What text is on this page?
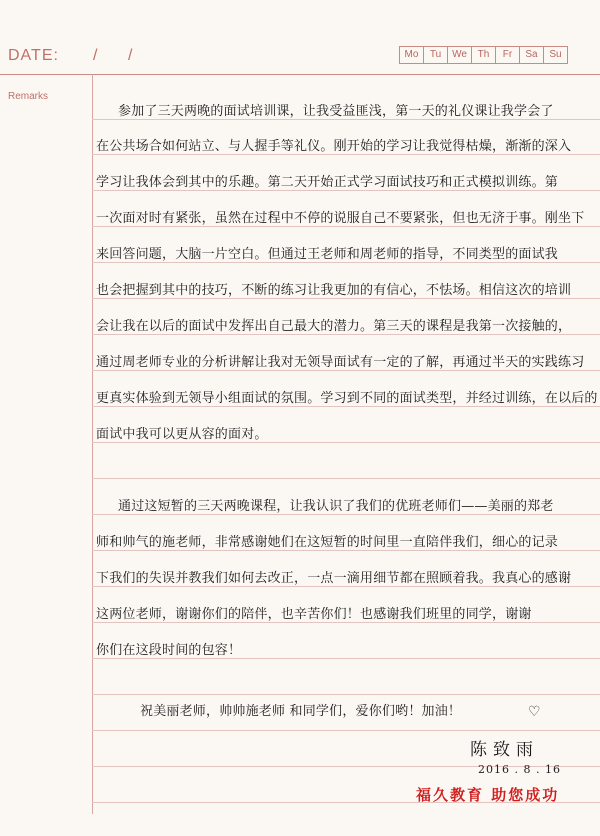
DATE: / /	Mo	Tu	We	Th	Fr	Sa	Su
Remarks
参加了三天两晚的面试培训课，让我受益匪浅，第一天的礼仪课让我学会了
在公共场合如何站立、与人握手等礼仪。刚开始的学习让我觉得枯燥，渐渐的深入
学习让我体会到其中的乐趣。第二天开始正式学习面试技巧和正式模拟训练。第
一次面对时有紧张，虽然在过程中不停的说服自己不要紧张，但也无济于事。刚坐下
来回答问题，大脑一片空白。但通过王老师和周老师的指导，不同类型的面试我
也会把握到其中的技巧，不断的练习让我更加的有信心，不怯场。相信这次的培训
会让我在以后的面试中发挥出自己最大的潜力。第三天的课程是我第一次接触的，
通过周老师专业的分析讲解让我对无领导面试有一定的了解，再通过半天的实践练习
更真实体验到无领导小组面试的氛围。学习到不同的面试类型，并经过训练，在以后的
面试中我可以更从容的面对。
通过这短暂的三天两晚课程，让我认识了我们的优班老师们——美丽的郑老
师和帅气的施老师，非常感谢她们在这短暂的时间里一直陪伴我们，细心的记录
下我们的失误并教我们如何去改正，一点一滴用细节都在照顾着我。我真心的感谢
这两位老师，谢谢你们的陪伴，也辛苦你们！也感谢我们班里的同学，谢谢
你们在这段时间的包容！
祝美丽老师，帅帅施老师 和同学们，爱你们哟！加油！	♡
陈致雨
2016 . 8 . 16
福久教育 助您成功
